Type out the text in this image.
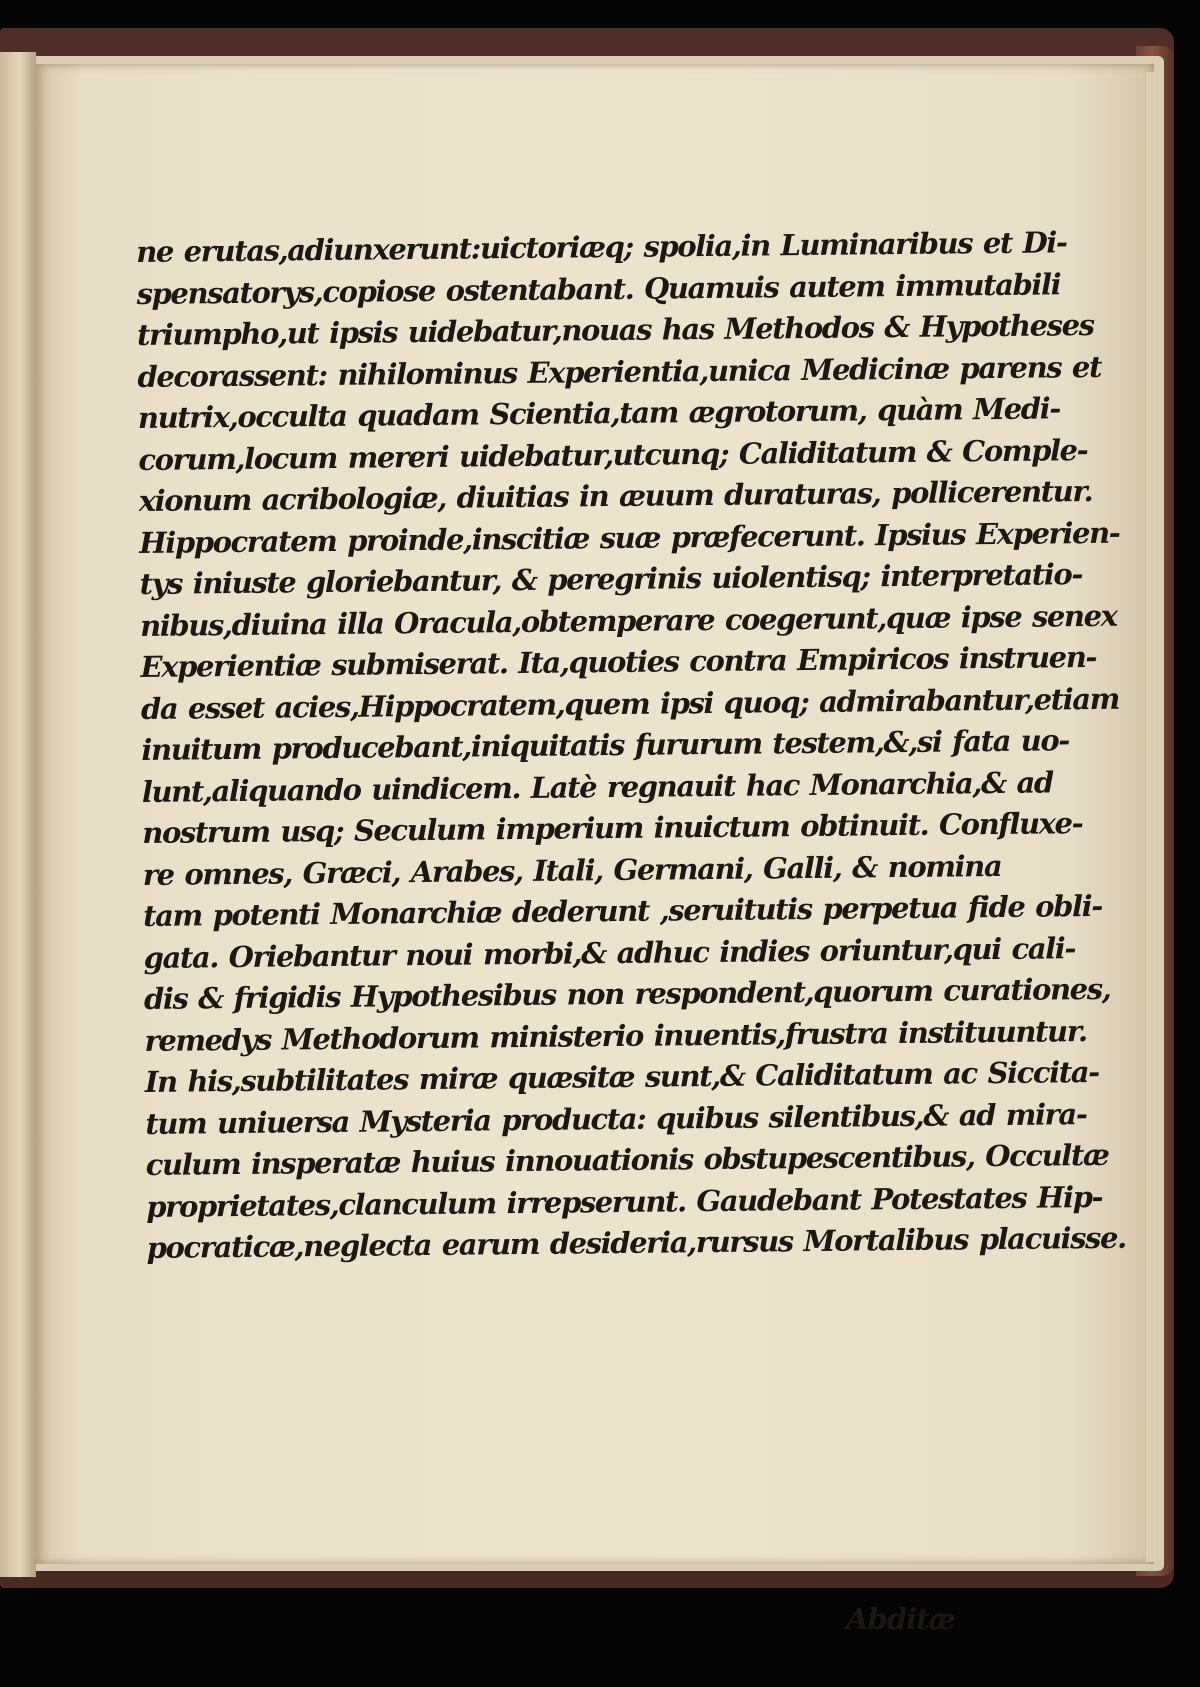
ne erutas,adiunxerunt:uictoriæq; spolia,in Luminaribus et Di-
spensatorys,copiose ostentabant. Quamuis autem immutabili
triumpho,ut ipsis uidebatur,nouas has Methodos & Hypotheses
decorassent: nihilominus Experientia,unica Medicinæ parens et
nutrix,occulta quadam Scientia,tam ægrotorum, quàm Medi-
corum,locum mereri uidebatur,utcunq; Caliditatum & Comple-
xionum acribologiæ, diuitias in æuum duraturas, pollicerentur.
Hippocratem proinde,inscitiæ suæ præfecerunt. Ipsius Experien-
tys iniuste gloriebantur, & peregrinis uiolentisq; interpretatio-
nibus,diuina illa Oracula,obtemperare coegerunt,quæ ipse senex
Experientiæ submiserat. Ita,quoties contra Empiricos instruen-
da esset acies,Hippocratem,quem ipsi quoq; admirabantur,etiam
inuitum producebant,iniquitatis fururum testem,&,si fata uo-
lunt,aliquando uindicem. Latè regnauit hac Monarchia,& ad
nostrum usq; Seculum imperium inuictum obtinuit. Confluxe-
re omnes, Græci, Arabes, Itali, Germani, Galli, & nomina
tam potenti Monarchiæ dederunt ,seruitutis perpetua fide obli-
gata. Oriebantur noui morbi,& adhuc indies oriuntur,qui cali-
dis & frigidis Hypothesibus non respondent,quorum curationes,
remedys Methodorum ministerio inuentis,frustra instituuntur.
In his,subtilitates miræ quæsitæ sunt,& Caliditatum ac Siccita-
tum uniuersa Mysteria producta: quibus silentibus,& ad mira-
culum insperatæ huius innouationis obstupescentibus, Occultæ
proprietates,clanculum irrepserunt. Gaudebant Potestates Hip-
pocraticæ,neglecta earum desideria,rursus Mortalibus placuisse.
Abditæ
